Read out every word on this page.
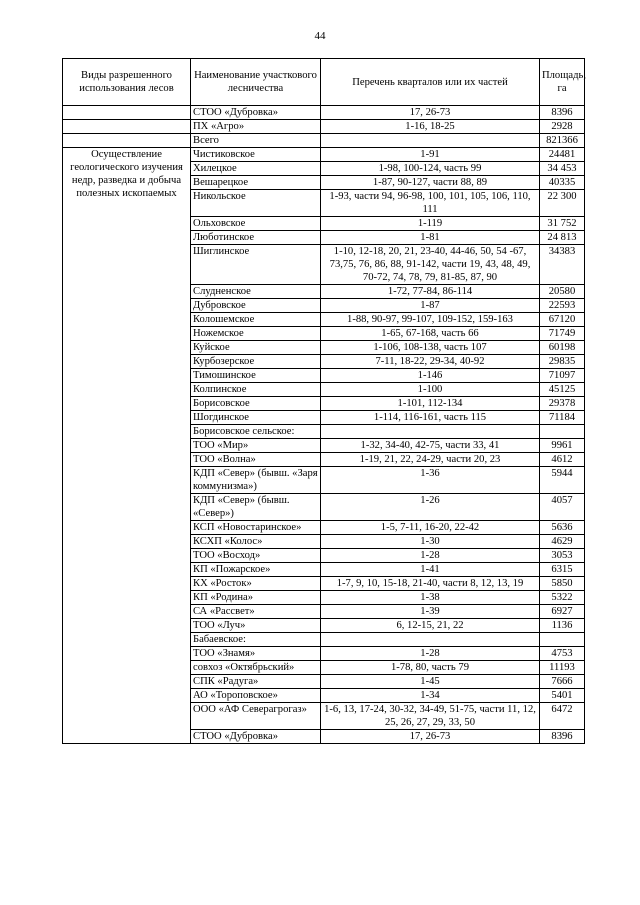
44
Виды разрешенного использования лесов	Наименование участкового лесничества	Перечень кварталов или их частей	Площадь, га
	СТОО «Дубровка»	17, 26-73	8396
	ПХ «Агро»	1-16, 18-25	2928
	Всего		821366
Осуществление геологического изучения недр, разведка и добыча полезных ископаемых	Чистиковское	1-91	24481
	Хилецкое	1-98, 100-124, часть 99	34 453
	Вешарецкое	1-87, 90-127, части 88, 89	40335
	Никольское	1-93, части 94, 96-98, 100, 101, 105, 106, 110, 111	22 300
	Ольховское	1-119	31 752
	Люботинское	1-81	24 813
	Шиглинское	1-10, 12-18, 20, 21, 23-40, 44-46, 50, 54 -67, 73,75, 76, 86, 88, 91-142, части 19, 43, 48, 49, 70-72, 74, 78, 79, 81-85, 87, 90	34383
	Слудненское	1-72, 77-84, 86-114	20580
	Дубровское	1-87	22593
	Колошемское	1-88, 90-97, 99-107, 109-152, 159-163	67120
	Ножемское	1-65, 67-168, часть 66	71749
	Куйское	1-106, 108-138, часть 107	60198
	Курбозерское	7-11, 18-22, 29-34, 40-92	29835
	Тимошинское	1-146	71097
	Колпинское	1-100	45125
	Борисовское	1-101, 112-134	29378
	Шогдинское	1-114, 116-161, часть 115	71184
	Борисовское сельское:		
	ТОО «Мир»	1-32, 34-40, 42-75, части 33, 41	9961
	ТОО «Волна»	1-19, 21, 22, 24-29, части 20, 23	4612
	КДП «Север» (бывш. «Заря коммунизма»)	1-36	5944
	КДП «Север» (бывш. «Север»)	1-26	4057
	КСП «Новостаринское»	1-5, 7-11, 16-20, 22-42	5636
	КСХП «Колос»	1-30	4629
	ТОО «Восход»	1-28	3053
	КП «Пожарское»	1-41	6315
	КХ «Росток»	1-7, 9, 10, 15-18, 21-40, части 8, 12, 13, 19	5850
	КП «Родина»	1-38	5322
	СА «Рассвет»	1-39	6927
	ТОО «Луч»	6, 12-15, 21, 22	1136
	Бабаевское:		
	ТОО «Знамя»	1-28	4753
	совхоз «Октябрьский»	1-78, 80, часть 79	11193
	СПК «Радуга»	1-45	7666
	АО «Тороповское»	1-34	5401
	ООО «АФ Северагрогаз»	1-6, 13, 17-24, 30-32, 34-49, 51-75, части 11, 12, 25, 26, 27, 29, 33, 50	6472
	СТОО «Дубровка»	17, 26-73	8396
